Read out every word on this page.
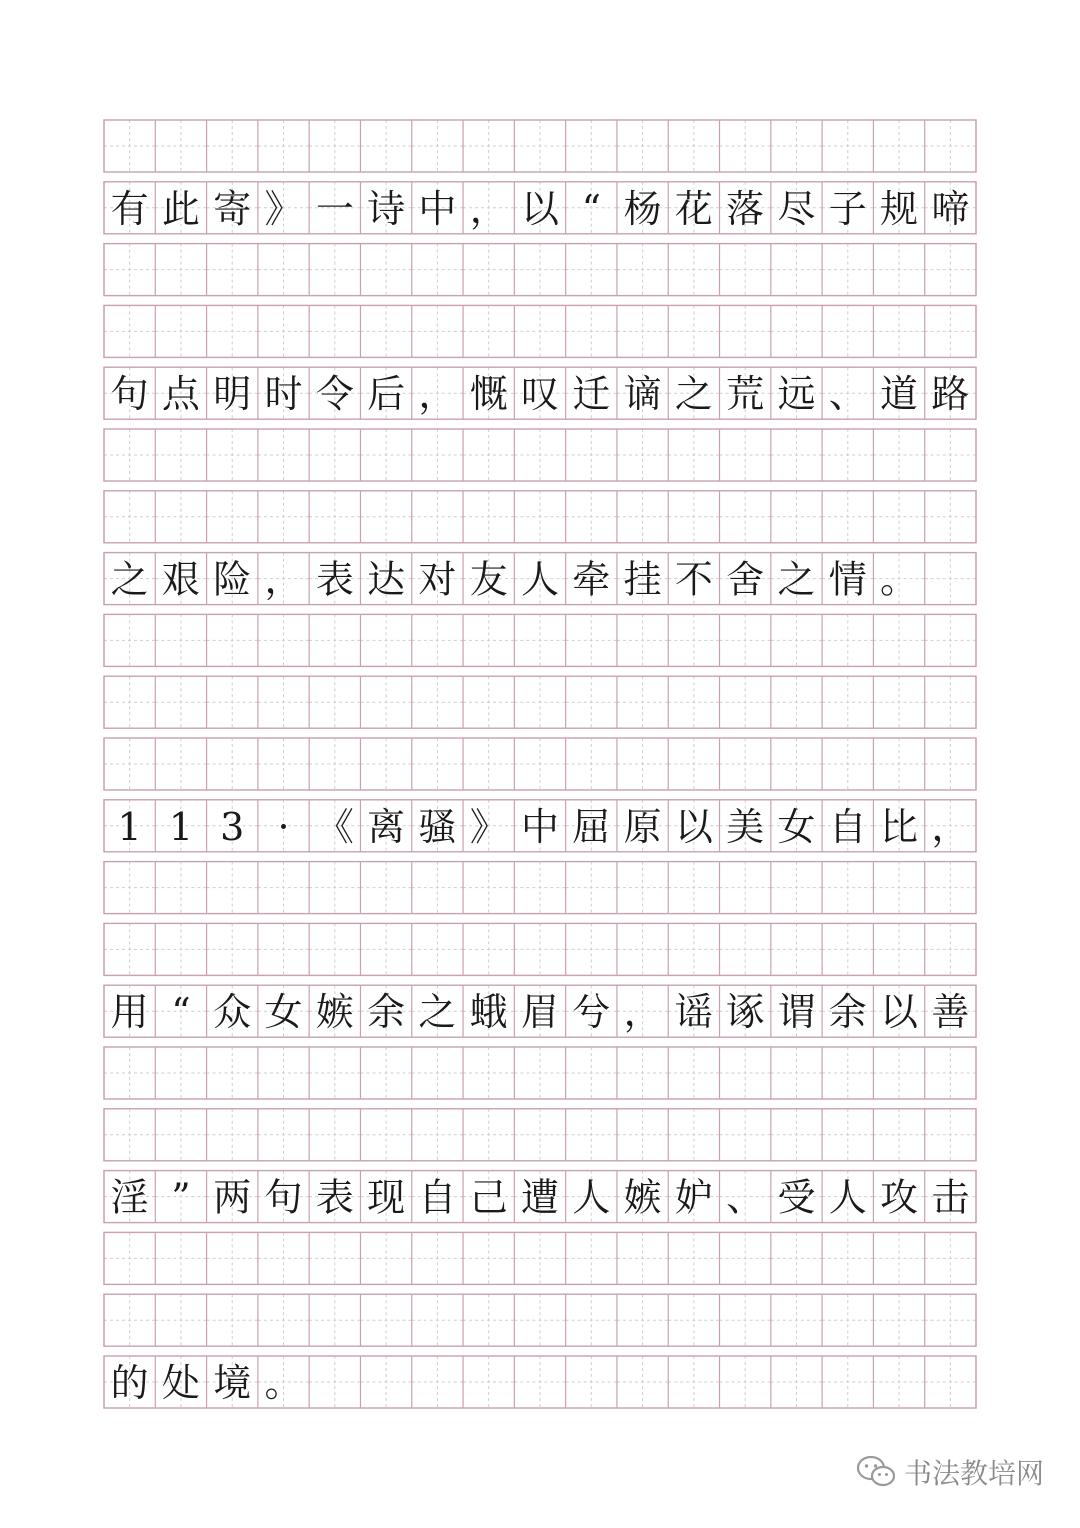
有 此 寄 》 一 诗 中 ， 以 “ 杨 花 落 尽 子 规 啼
句 点 明 时 令 后 ， 慨 叹 迁 谪 之 荒 远 、 道 路
之 艰 险 ， 表 达 对 友 人 牵 挂 不 舍 之 情 。
1 1 3 · 《 离 骚 》 中 屈 原 以 美 女 自 比 ，
用 “ 众 女 嫉 余 之 蛾 眉 兮 ， 谣 诼 谓 余 以 善
淫 ” 两 句 表 现 自 己 遭 人 嫉 妒 、 受 人 攻 击
的 处 境 。
书法教培网
